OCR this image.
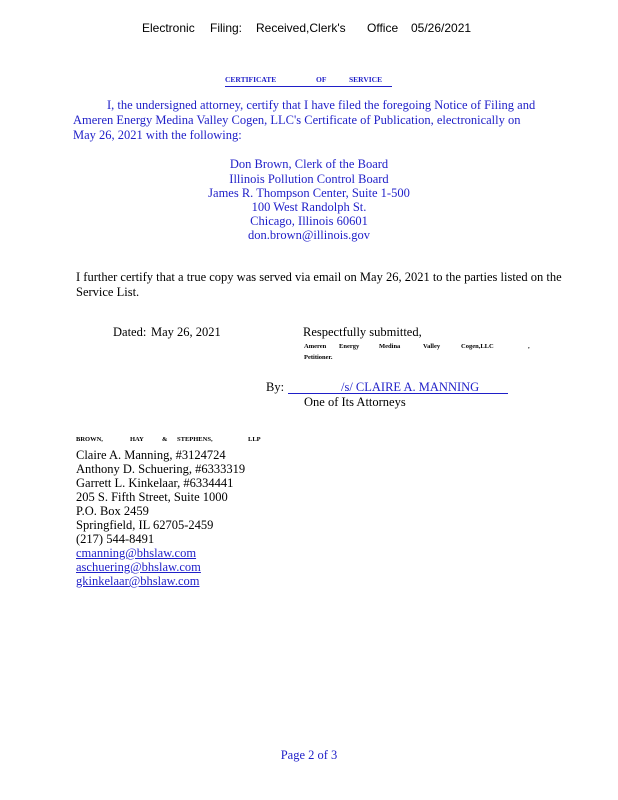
Electronic Filing: Received,Clerk's Office 05/26/2021
CERTIFICATE	OF	SERVICE
I, the undersigned attorney, certify that I have filed the foregoing Notice of Filing and
Ameren Energy Medina Valley Cogen, LLC's Certificate of Publication, electronically on
May 26, 2021 with the following:
Don Brown, Clerk of the Board
Illinois Pollution Control Board
James R. Thompson Center, Suite 1-500
100 West Randolph St.
Chicago, Illinois 60601
don.brown@illinois.gov
I further certify that a true copy was served via email on May 26, 2021 to the parties listed on the
Service List.
Dated: May 26, 2021	Respectfully submitted,
Ameren Energy	Medina	Valley	Cogen,LLC	,
Petitioner.
By:	/s/ CLAIRE A. MANNING
One of Its Attorneys
BROWN,	HAY	& STEPHENS,	LLP
Claire A. Manning, #3124724
Anthony D. Schuering, #6333319
Garrett L. Kinkelaar, #6334441
205 S. Fifth Street, Suite 1000
P.O. Box 2459
Springfield, IL 62705-2459
(217) 544-8491
cmanning@bhslaw.com
aschuering@bhslaw.com
gkinkelaar@bhslaw.com
Page 2 of 3
